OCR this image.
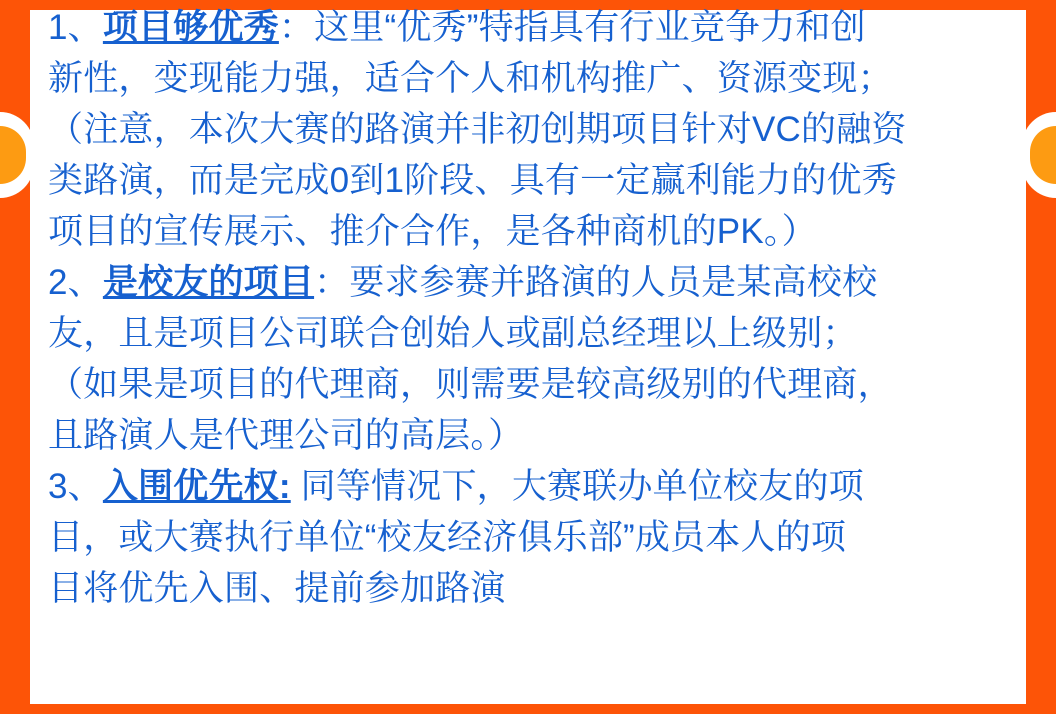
1、项目够优秀：这里“优秀”特指具有行业竞争力和创
新性，变现能力强，适合个人和机构推广、资源变现；
（注意，本次大赛的路演并非初创期项目针对VC的融资
类路演，而是完成0到1阶段、具有一定赢利能力的优秀
项目的宣传展示、推介合作，是各种商机的PK。）
2、是校友的项目：要求参赛并路演的人员是某高校校
友，且是项目公司联合创始人或副总经理以上级别；
（如果是项目的代理商，则需要是较高级别的代理商，
且路演人是代理公司的高层。）
3、入围优先权: 同等情况下，大赛联办单位校友的项
目，或大赛执行单位“校友经济俱乐部”成员本人的项
目将优先入围、提前参加路演
